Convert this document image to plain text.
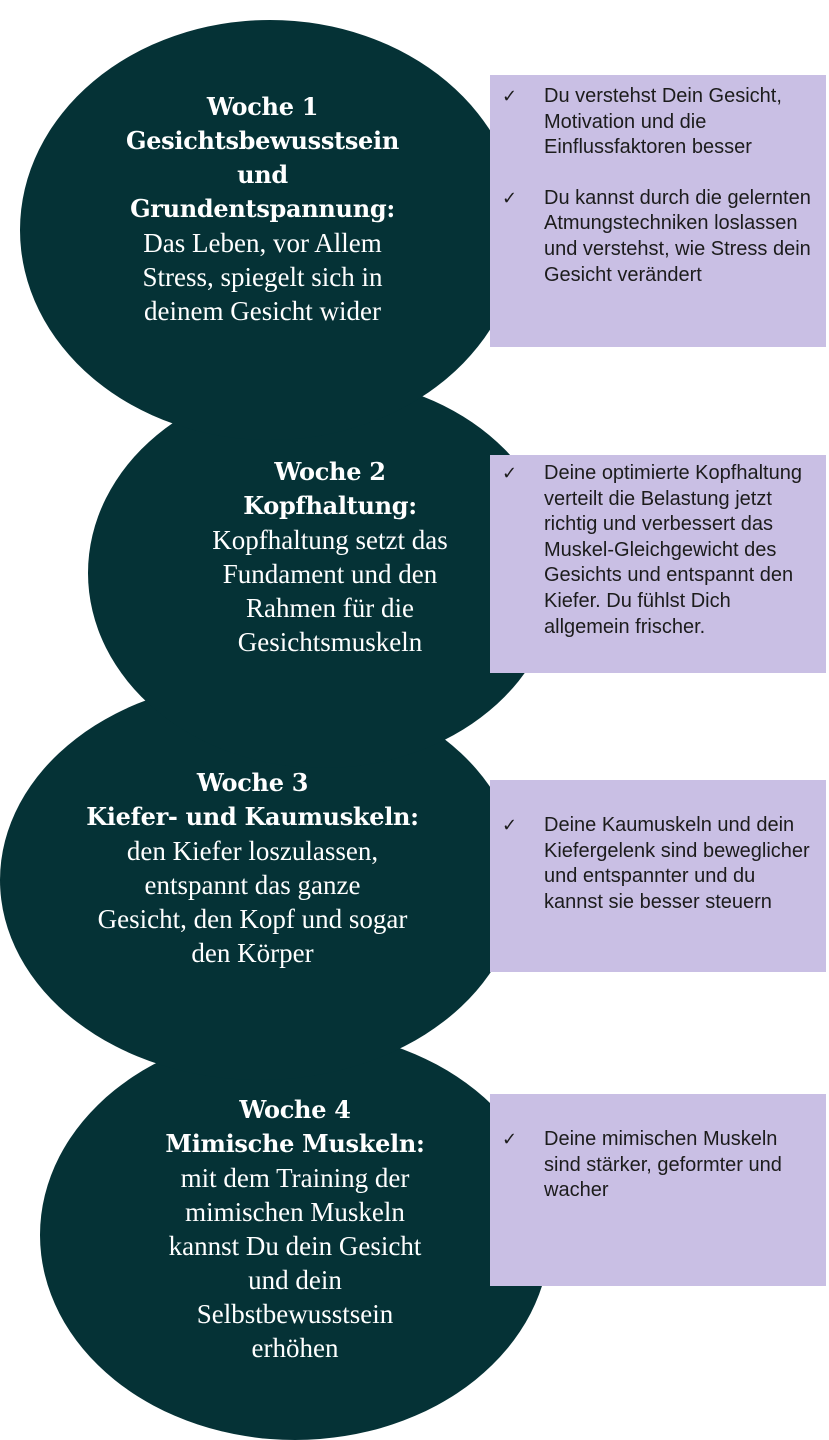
Woche 1
Gesichtsbewusstsein
und
Grundentspannung:
Das Leben, vor Allem
Stress, spiegelt sich in
deinem Gesicht wider
Woche 2
Kopfhaltung:
Kopfhaltung setzt das
Fundament und den
Rahmen für die
Gesichtsmuskeln
Woche 3
Kiefer- und Kaumuskeln:
den Kiefer loszulassen,
entspannt das ganze
Gesicht, den Kopf und sogar
den Körper
Woche 4
Mimische Muskeln:
mit dem Training der
mimischen Muskeln
kannst Du dein Gesicht
und dein
Selbstbewusstsein
erhöhen
✓ Du verstehst Dein Gesicht, Motivation und die Einflussfaktoren besser
✓ Du kannst durch die gelernten Atmungstechniken loslassen und verstehst, wie Stress dein Gesicht verändert
✓ Deine optimierte Kopfhaltung verteilt die Belastung jetzt richtig und verbessert das Muskel-Gleichgewicht des Gesichts und entspannt den Kiefer. Du fühlst Dich allgemein frischer.
✓ Deine Kaumuskeln und dein Kiefergelenk sind beweglicher und entspannter und du kannst sie besser steuern
✓ Deine mimischen Muskeln sind stärker, geformter und wacher
